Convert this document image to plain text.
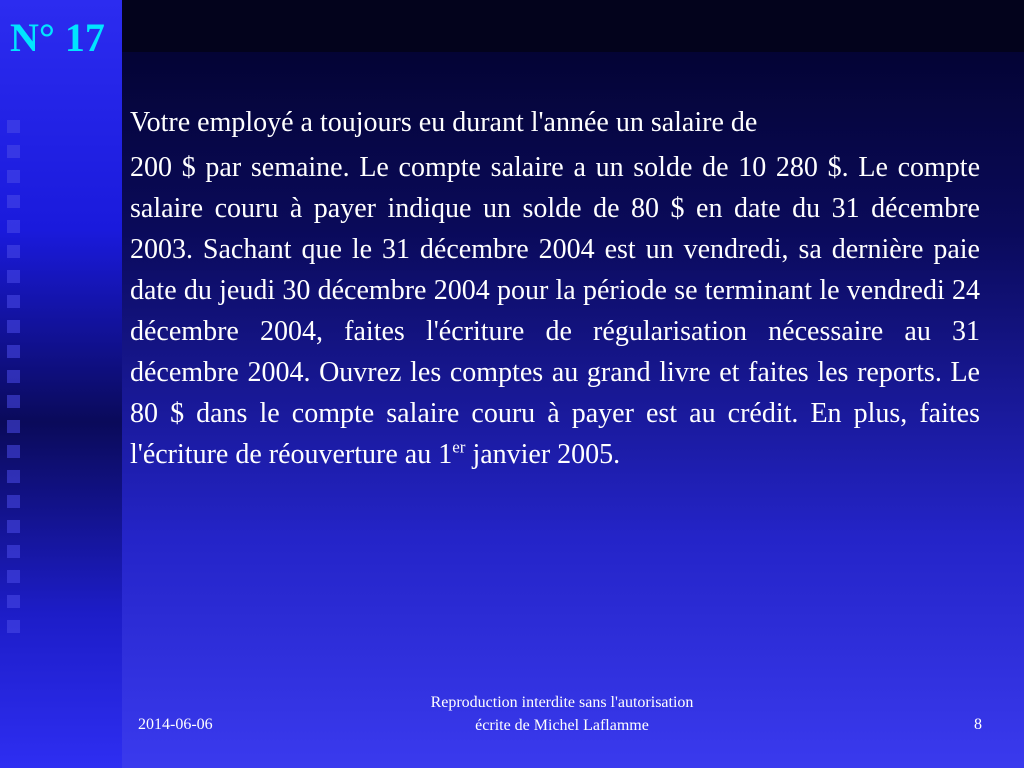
N° 17
Votre employé a toujours eu durant l'année un salaire de
200 $ par semaine. Le compte salaire a un solde de 10 280 $. Le compte salaire couru à payer indique un solde de 80 $ en date du 31 décembre 2003. Sachant que le 31 décembre 2004 est un vendredi, sa dernière paie date du jeudi 30 décembre 2004 pour la période se terminant le vendredi 24 décembre 2004, faites l'écriture de régularisation nécessaire au 31 décembre 2004. Ouvrez les comptes au grand livre et faites les reports. Le 80 $ dans le compte salaire couru à payer est au crédit. En plus, faites l'écriture de réouverture au 1er janvier 2005.
2014-06-06
Reproduction interdite sans l'autorisation écrite de Michel Laflamme	8
